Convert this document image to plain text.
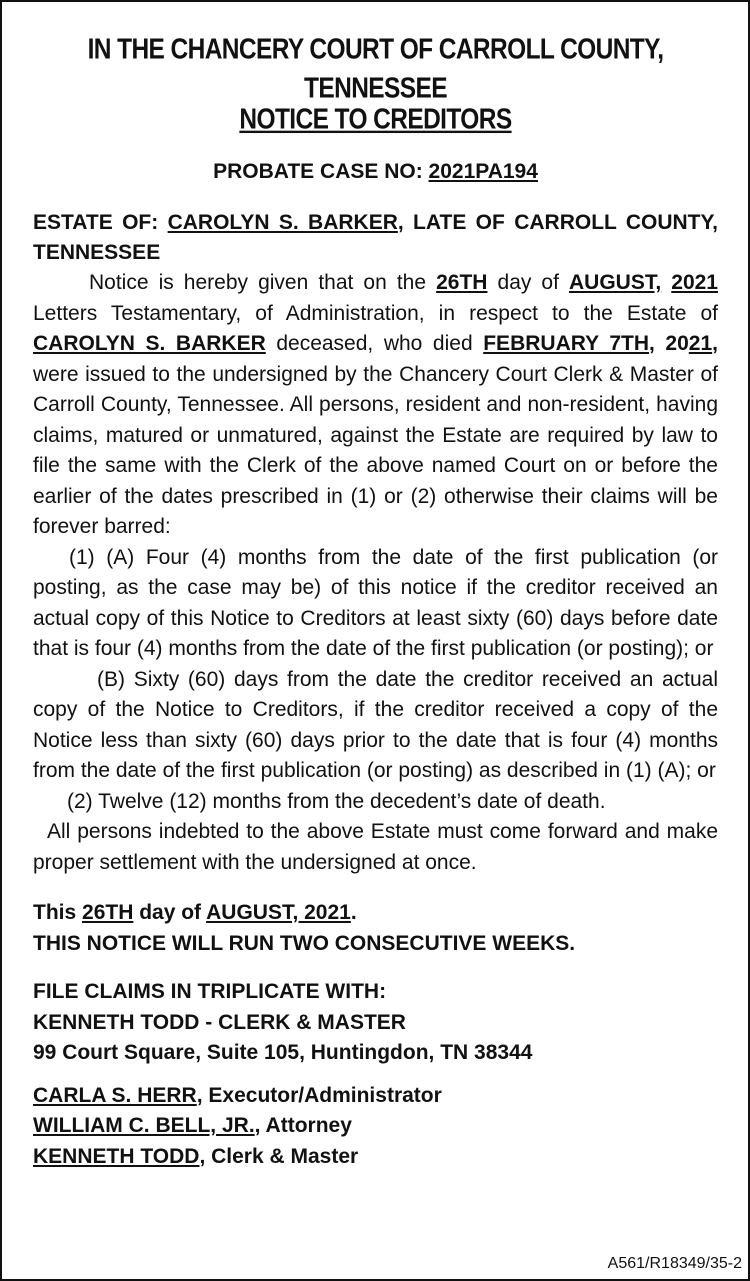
IN THE CHANCERY COURT OF CARROLL COUNTY, TENNESSEE
NOTICE TO CREDITORS
PROBATE CASE NO: 2021PA194
ESTATE OF: CAROLYN S. BARKER, LATE OF CARROLL COUNTY, TENNESSEE

Notice is hereby given that on the 26TH day of AUGUST, 2021 Letters Testamentary, of Administration, in respect to the Estate of CAROLYN S. BARKER deceased, who died FEBRUARY 7TH, 2021, were issued to the undersigned by the Chancery Court Clerk & Master of Carroll County, Tennessee. All persons, resident and non-resident, having claims, matured or unmatured, against the Estate are required by law to file the same with the Clerk of the above named Court on or before the earlier of the dates prescribed in (1) or (2) otherwise their claims will be forever barred:

(1) (A) Four (4) months from the date of the first publication (or posting, as the case may be) of this notice if the creditor received an actual copy of this Notice to Creditors at least sixty (60) days before date that is four (4) months from the date of the first publication (or posting); or

(B) Sixty (60) days from the date the creditor received an actual copy of the Notice to Creditors, if the creditor received a copy of the Notice less than sixty (60) days prior to the date that is four (4) months from the date of the first publication (or posting) as described in (1) (A); or

(2) Twelve (12) months from the decedent’s date of death.

All persons indebted to the above Estate must come forward and make proper settlement with the undersigned at once.

This 26TH day of AUGUST, 2021.
THIS NOTICE WILL RUN TWO CONSECUTIVE WEEKS.
FILE CLAIMS IN TRIPLICATE WITH:
KENNETH TODD - CLERK & MASTER
99 Court Square, Suite 105, Huntingdon, TN 38344
CARLA S. HERR, Executor/Administrator
WILLIAM C. BELL, JR., Attorney
KENNETH TODD, Clerk & Master
A561/R18349/35-2
